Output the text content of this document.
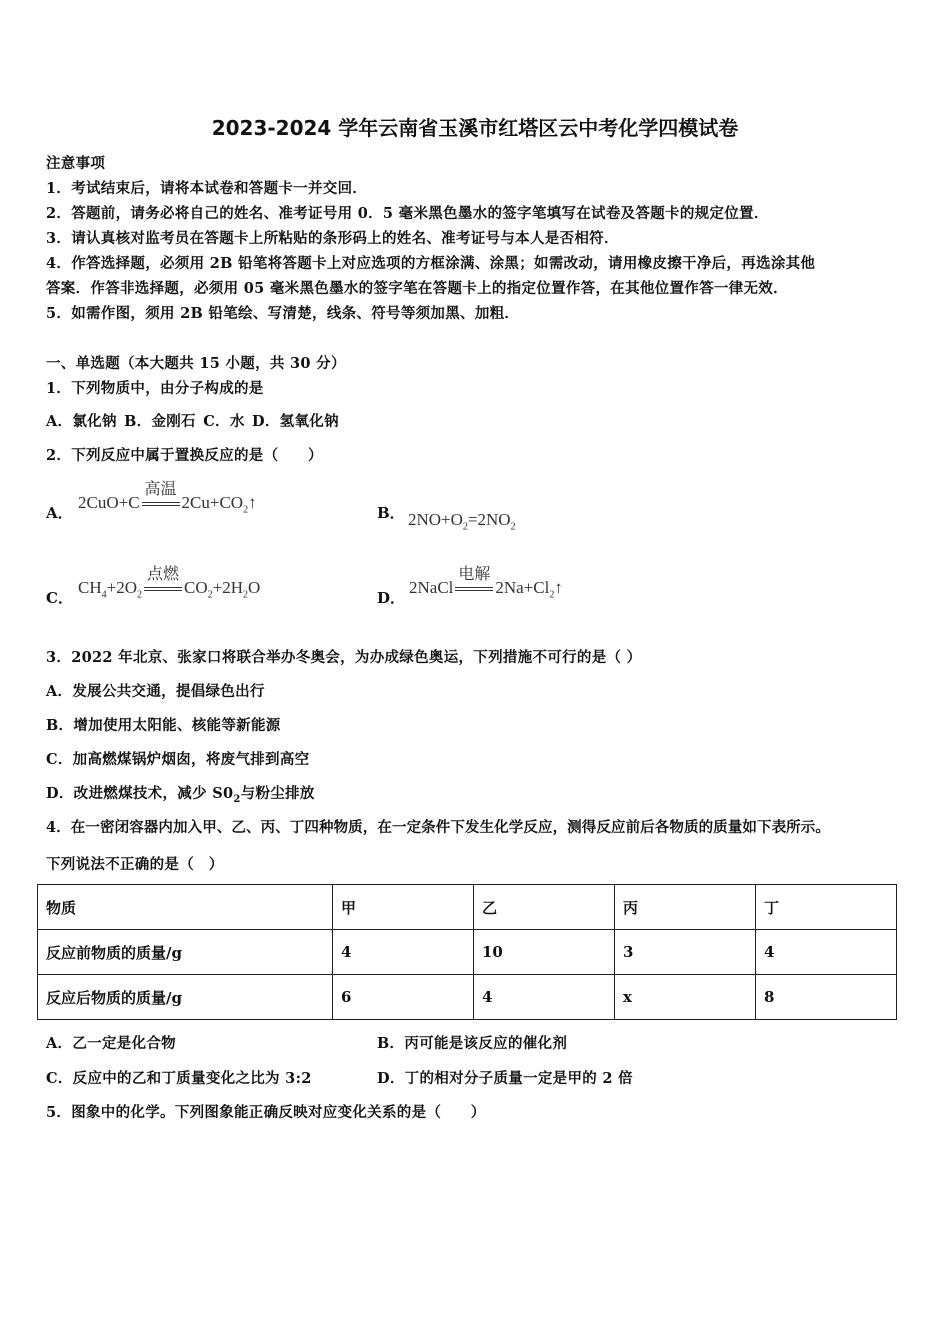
2023-2024 学年云南省玉溪市红塔区云中考化学四模试卷
注意事项
1．考试结束后，请将本试卷和答题卡一并交回．
2．答题前，请务必将自己的姓名、准考证号用 0．5 毫米黑色墨水的签字笔填写在试卷及答题卡的规定位置．
3．请认真核对监考员在答题卡上所粘贴的条形码上的姓名、准考证号与本人是否相符．
4．作答选择题，必须用 2B 铅笔将答题卡上对应选项的方框涂满、涂黑；如需改动，请用橡皮擦干净后，再选涂其他
答案．作答非选择题，必须用 05 毫米黑色墨水的签字笔在答题卡上的指定位置作答，在其他位置作答一律无效．
5．如需作图，须用 2B 铅笔绘、写清楚，线条、符号等须加黑、加粗．
一、单选题（本大题共 15 小题，共 30 分）
1．下列物质中，由分子构成的是
A．氯化钠 B．金刚石 C．水 D．氢氧化钠
2．下列反应中属于置换反应的是（　　）
A．
2CuO+C
高温
$2Cu+CO_2↑$
B． $2NO+O_2=2NO_2$
C．
$CH_4+2O_2$
点燃
$CO_2+2H_2O$
D．
2NaCl
电解
$2Na+Cl_2↑$
3．2022 年北京、张家口将联合举办冬奥会，为办成绿色奥运，下列措施不可行的是（ ）
A．发展公共交通，提倡绿色出行
B．增加使用太阳能、核能等新能源
C．加高燃煤锅炉烟囱，将废气排到高空
D．改进燃煤技术，减少 $S0_2$与粉尘排放
4．在一密闭容器内加入甲、乙、丙、丁四种物质，在一定条件下发生化学反应，测得反应前后各物质的质量如下表所示。
下列说法不正确的是（　）
物质	甲	乙	丙	丁
反应前物质的质量/g	4	10	3	4
反应后物质的质量/g	6	4	x	8
A．乙一定是化合物	B．丙可能是该反应的催化剂
C．反应中的乙和丁质量变化之比为 3:2	D．丁的相对分子质量一定是甲的 2 倍
5．图象中的化学。下列图象能正确反映对应变化关系的是（　　）
